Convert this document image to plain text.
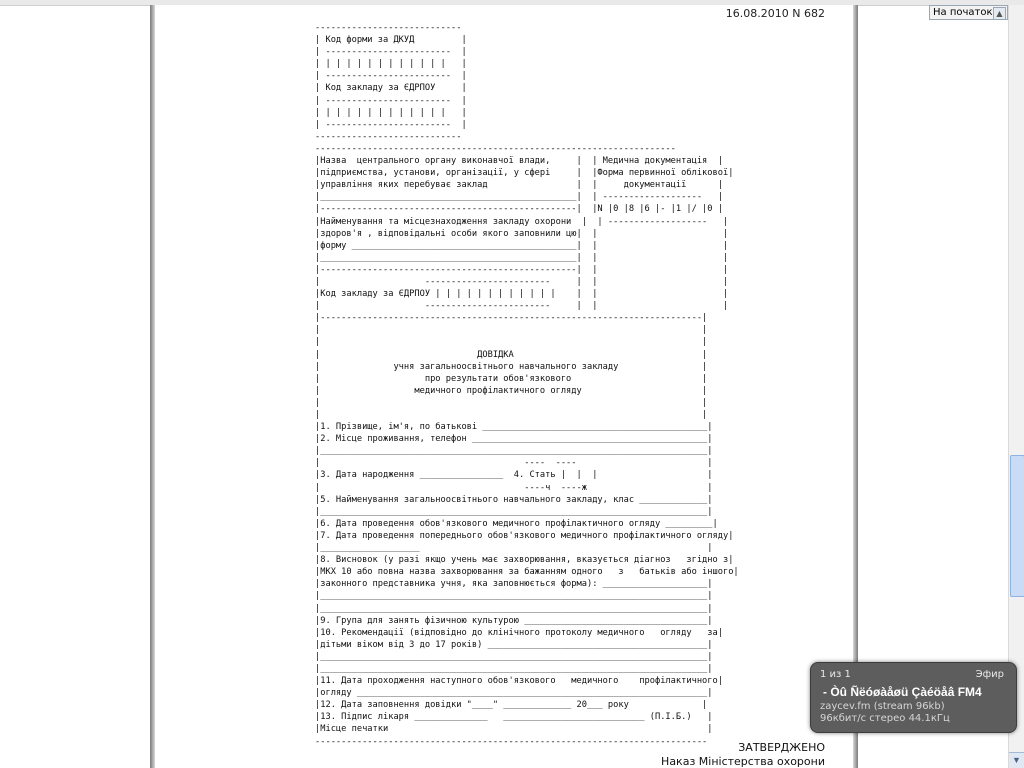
16.08.2010 N 682
----------------------------
| Код форми за ДКУД         |
| ------------------------  |
| | | | | | | | | | | | |   |
| ------------------------  |
| Код закладу за ЄДРПОУ     |
| ------------------------  |
| | | | | | | | | | | | |   |
| ------------------------  |
----------------------------
---------------------------------------------------------------------
|Назва  центрального органу виконавчої влади,     |  | Медична документація  |
|підприємства, установи, організації, у сфері     |  |Форма первинної облікової|
|управління яких перебуває заклад                 |  |     документації      |
|_________________________________________________|  | -------------------   |
|-------------------------------------------------|  |N |0 |8 |6 |- |1 |/ |0 |
|Найменування та місцезнаходження закладу охорони  |  | -------------------   |
|здоров'я , відповідальні особи якого заповнили цю|  |                        |
|форму ___________________________________________|  |                        |
|_________________________________________________|  |                        |
|-------------------------------------------------|  |                        |
|                    ------------------------     |  |                        |
|Код закладу за ЄДРПОУ | | | | | | | | | | | |    |  |                        |
|                    ------------------------     |  |                        |
|-------------------------------------------------------------------------|
|                                                                         |
|                                                                         |
|                              ДОВІДКА                                    |
|              учня загальноосвітнього навчального закладу                |
|                    про результати обов'язкового                         |
|                  медичного профілактичного огляду                       |
|                                                                         |
|                                                                         |
|1. Прізвище, ім'я, по батькові ___________________________________________|
|2. Місце проживання, телефон _____________________________________________|
|__________________________________________________________________________|
|                                       ----  ----                         |
|3. Дата народження ________________  4. Стать |  |  |                     |
|                                       ----ч  ----ж                       |
|5. Найменування загальноосвітнього навчального закладу, клас _____________|
|__________________________________________________________________________|
|6. Дата проведення обов'язкового медичного профілактичного огляду _________|
|7. Дата проведення попереднього обов'язкового медичного профілактичного огляду|
|___________________                                                       |
|8. Висновок (у разі якщо учень має захворювання, вказується діагноз   згідно з|
|МКХ 10 або повна назва захворювання за бажанням одного   з   батьків або іншого|
|законного представника учня, яка заповнюється форма): ____________________|
|__________________________________________________________________________|
|__________________________________________________________________________|
|9. Група для занять фізичною культурою ___________________________________|
|10. Рекомендації (відповідно до клінічного протоколу медичного   огляду   за|
|дітьми віком від 3 до 17 років) __________________________________________|
|__________________________________________________________________________|
|__________________________________________________________________________|
|11. Дата проходження наступного обов'язкового   медичного    профілактичного|
|огляду ___________________________________________________________________|
|12. Дата заповнення довідки "____" _____________ 20___ року              |
|13. Підпис лікаря ______________   ___________________________ (П.І.Б.)   |
|Місце печатки                                                             |
---------------------------------------------------------------------------	ЗАТВЕРДЖЕНО
Наказ Міністерства охорони
На початок ▲
▼
1 из 1	Эфир
- Òû Ñëóøàåøü Çàéöåâ FM4
zaycev.fm (stream 96kb)
96кбит/с стерео 44.1кГц
